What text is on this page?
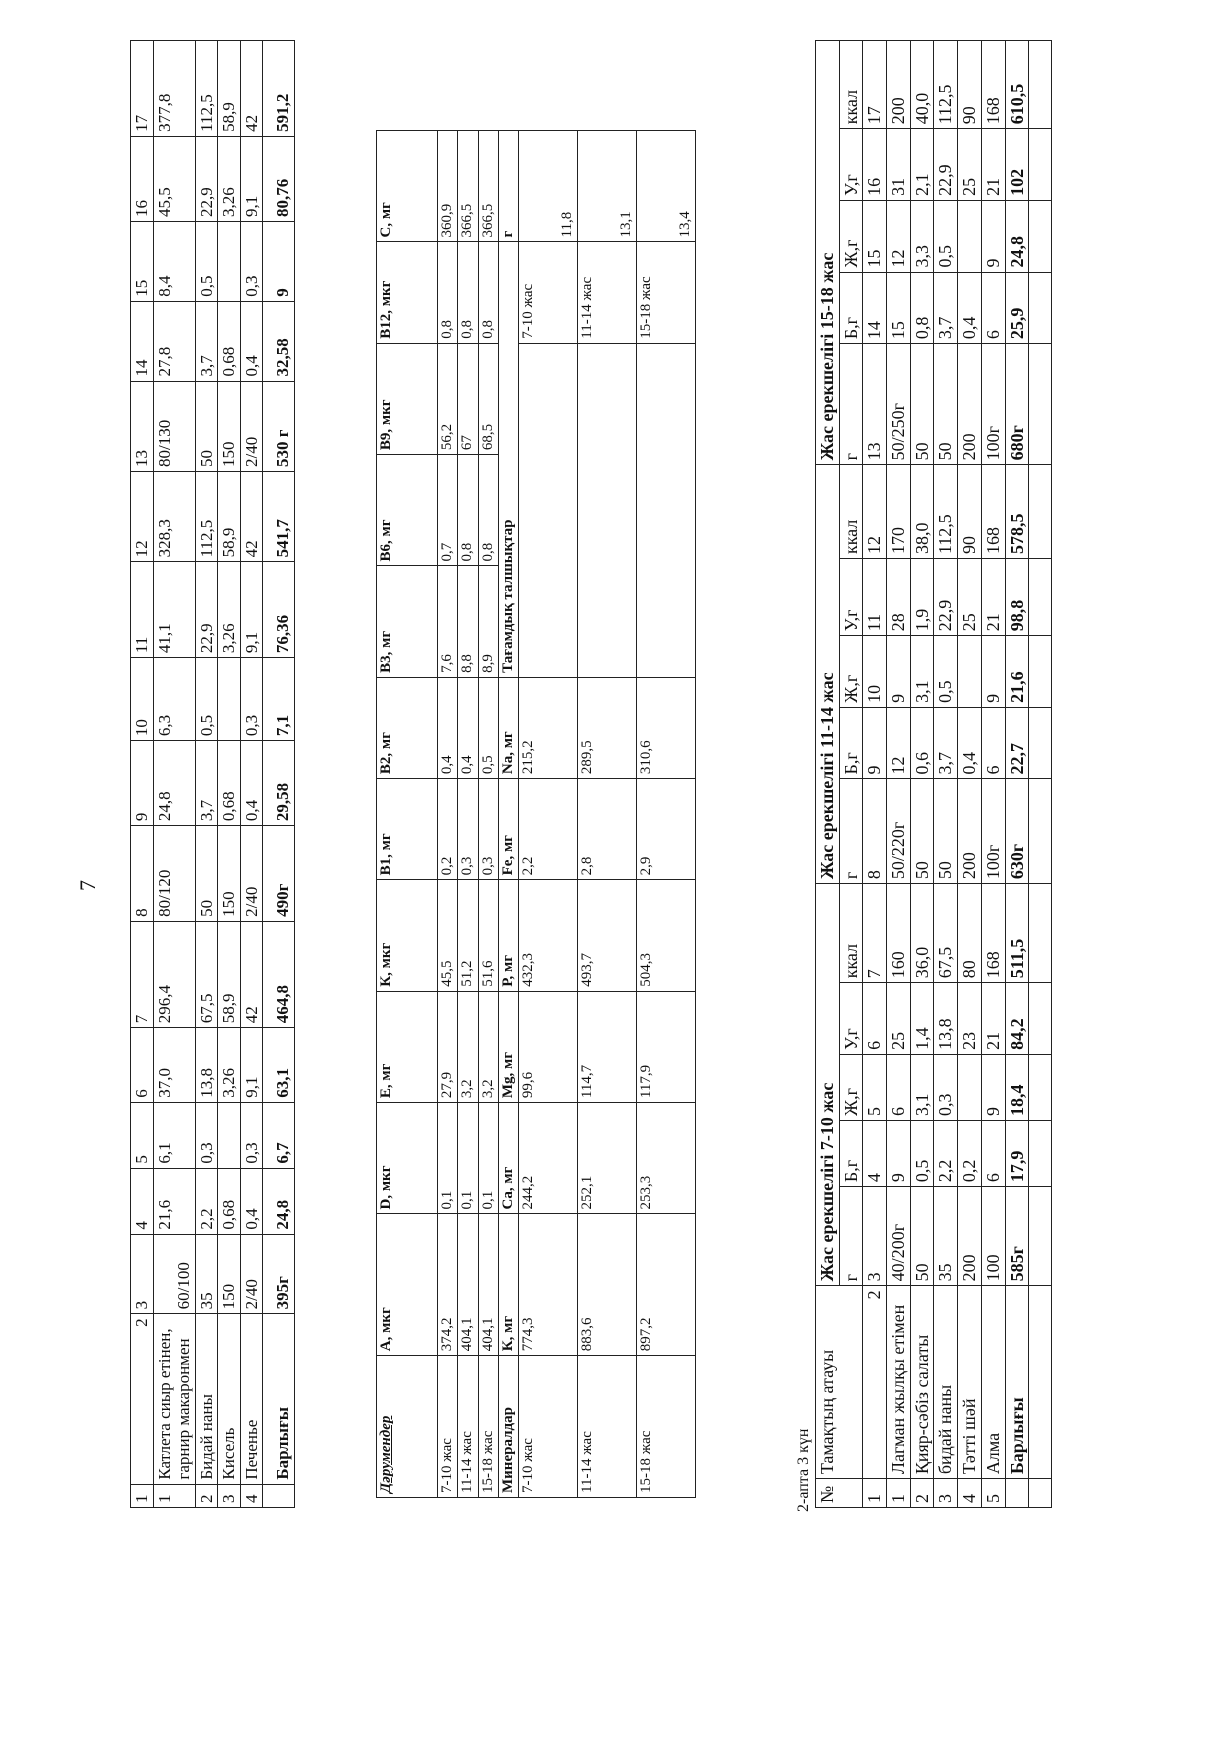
7
1	2	3	4	5	6	7	8	9	10	11	12	13	14	15	16	17
1	Катлета сиыр етінен, гарнир макаронмен	60/100	21,6	6,1	37,0	296,4	80/120	24,8	6,3	41,1	328,3	80/130	27,8	8,4	45,5	377,8
2	Бидай наны	35	2,2	0,3	13,8	67,5	50	3,7	0,5	22,9	112,5	50	3,7	0,5	22,9	112,5
3	Кисель	150	0,68		3,26	58,9	150	0,68		3,26	58,9	150	0,68		3,26	58,9
4	Печенье	2/40	0,4	0,3	9,1	42	2/40	0,4	0,3	9,1	42	2/40	0,4	0,3	9,1	42
	Барлығы	395г	24,8	6,7	63,1	464,8	490г	29,58	7,1	76,36	541,7	530 г	32,58	9	80,76	591,2
Дәрумендер	А, мкг	D, мкг	Е, мг	К, мкг	В1, мг	В2, мг	В3, мг	В6, мг	В9, мкг	В12, мкг	С, мг
7-10 жас	374,2	0,1	27,9	45,5	0,2	0,4	7,6	0,7	56,2	0,8	360,9
11-14 жас	404,1	0,1	3,2	51,2	0,3	0,4	8,8	0,8	67	0,8	366,5
15-18 жас	404,1	0,1	3,2	51,6	0,3	0,5	8,9	0,8	68,5	0,8	366,5
Минералдар	К, мг	Са, мг	Mg, мг	Р, мг	Fe, мг	Na, мг	Тағамдық талшықтар				г
7-10 жас	774,3	244,2	99,6	432,3	2,2	215,2				7-10 жас	11,8
11-14 жас	883,6	252,1	114,7	493,7	2,8	289,5				11-14 жас	13,1
15-18 жас	897,2	253,3	117,9	504,3	2,9	310,6				15-18 жас	13,4
2-апта 3 күн №	Тамақтың атауы	Жас ерекшелігі 7-10 жас					Жас ерекшелігі 11-14 жас					Жас ерекшелігі 15-18 жас				
		г	Б,г	Ж,г	У,г	ккал	г	Б,г	Ж,г	У,г	ккал	г	Б,г	Ж,г	У,г	ккал
1	2	3	4	5	6	7	8	9	10	11	12	13	14	15	16	17
1	Лагман жылқы етімен	40/200г	9	6	25	160	50/220г	12	9	28	170	50/250г	15	12	31	200
2	Қияр-сәбіз салаты	50	0,5	3,1	1,4	36,0	50	0,6	3,1	1,9	38,0	50	0,8	3,3	2,1	40,0
3	бидай наны	35	2,2	0,3	13,8	67,5	50	3,7	0,5	22,9	112,5	50	3,7	0,5	22,9	112,5
4	Тәтті шәй	200	0,2		23	80	200	0,4		25	90	200	0,4		25	90
5	Алма	100	6	9	21	168	100г	6	9	21	168	100г	6	9	21	168
	Барлығы	585г	17,9	18,4	84,2	511,5	630г	22,7	21,6	98,8	578,5	680г	25,9	24,8	102	610,5
